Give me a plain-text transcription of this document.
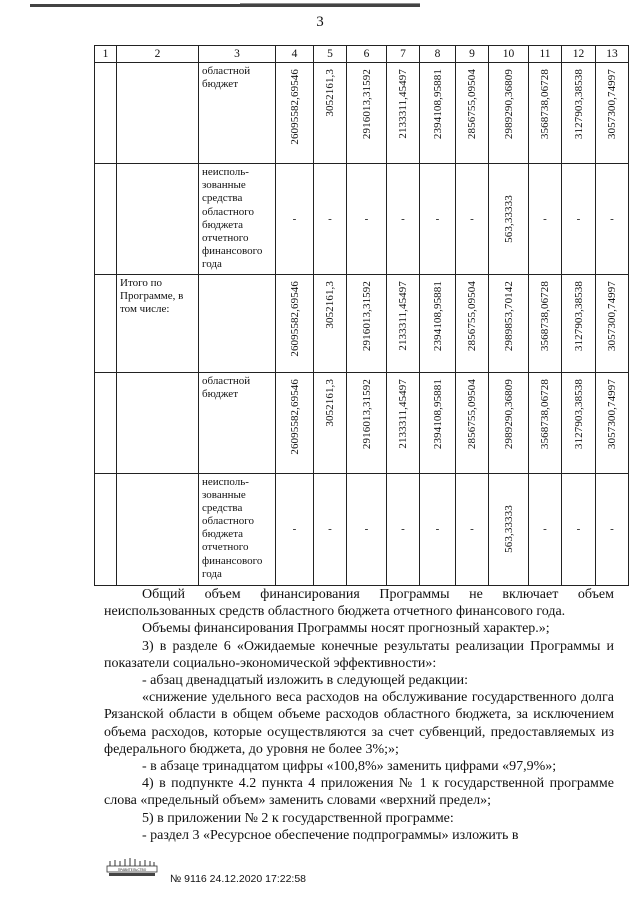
3
1	2	3	4	5	6	7	8	9	10	11	12	13
		областной бюджет	26095582,69546	3052161,3	2916013,31592	2133311,45497	2394108,95881	2856755,09504	2989290,36809	3568738,06728	3127903,38538	3057300,74997

		неисполь-зованные средства областного бюджета отчетного финансового года	-	-	-	-	-	-	563,33333	-	-	-

	Итого по Программе, в том числе:		26095582,69546	3052161,3	2916013,31592	2133311,45497	2394108,95881	2856755,09504	2989853,70142	3568738,06728	3127903,38538	3057300,74997

		областной бюджет	26095582,69546	3052161,3	2916013,31592	2133311,45497	2394108,95881	2856755,09504	2989290,36809	3568738,06728	3127903,38538	3057300,74997

		неисполь-зованные средства областного бюджета отчетного финансового года	-	-	-	-	-	-	563,33333	-	-	-

Общий объем финансирования Программы не включает объем неиспользованных средств областного бюджета отчетного финансового года.

Объемы финансирования Программы носят прогнозный характер.»;

3) в разделе 6 «Ожидаемые конечные результаты реализации Программы и показатели социально-экономической эффективности»:

- абзац двенадцатый изложить в следующей редакции:

«снижение удельного веса расходов на обслуживание государственного долга Рязанской области в общем объеме расходов областного бюджета, за исключением объема расходов, которые осуществляются за счет субвенций, предоставляемых из федерального бюджета, до уровня не более 3%;»;

- в абзаце тринадцатом цифры «100,8%» заменить цифрами «97,9%»;

4) в подпункте 4.2 пункта 4 приложения № 1 к государственной программе слова «предельный объем» заменить словами «верхний предел»;

5) в приложении № 2 к государственной программе:

- раздел 3 «Ресурсное обеспечение подпрограммы» изложить в

ПРАВИТЕЛЬСТВО
№ 9116 24.12.2020 17:22:58
